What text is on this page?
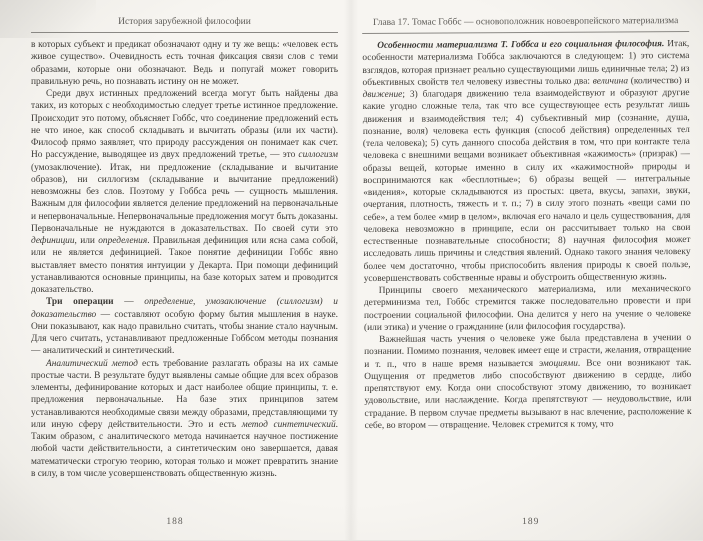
История зарубежной философии

в которых субъект и предикат обозначают одну и ту же вещь: «человек есть живое существо». Очевидность есть точная фиксация связи слов с теми образами, которые они обозначают. Ведь и попугай может говорить правильную речь, но познавать истину он не может.

Среди двух истинных предложений всегда могут быть найдены два таких, из которых с необходимостью следует третье истинное предложение. Происходит это потому, объясняет Гоббс, что соединение предложений есть не что иное, как способ складывать и вычитать образы (или их части). Философ прямо заявляет, что природу рассуждения он понимает как счет. Но рассуждение, выводящее из двух предложений третье, — это силлогизм (умозаключение). Итак, ни предложение (складывание и вычитание образов), ни силлогизм (складывание и вычитание предложений) невозможны без слов. Поэтому у Гоббса речь — сущность мышления. Важным для философии является деление предложений на первоначальные и непервоначальные. Непервоначальные предложения могут быть доказаны. Первоначальные не нуждаются в доказательствах. По своей сути это дефиниции, или определения. Правильная дефиниция или ясна сама собой, или не является дефиницией. Такое понятие дефиниции Гоббс явно выставляет вместо понятия интуиции у Декарта. При помощи дефиниций устанавливаются основные принципы, на базе которых затем и проводится доказательство.

Три операции — определение, умозаключение (силлогизм) и доказательство — составляют особую форму бытия мышления в науке. Они показывают, как надо правильно считать, чтобы знание стало научным. Для чего считать, устанавливают предложенные Гоббсом методы познания — аналитический и синтетический.

Аналитический метод есть требование разлагать образы на их самые простые части. В результате будут выявлены самые общие для всех образов элементы, дефинирование которых и даст наиболее общие принципы, т. е. предложения первоначальные. На базе этих принципов затем устанавливаются необходимые связи между образами, представляющими ту или иную сферу действительности. Это и есть метод синтетический. Таким образом, с аналитического метода начинается научное постижение любой части действительности, а синтетическим оно завершается, давая математически строгую теорию, которая только и может превратить знание в силу, в том числе усовершенствовать общественную жизнь.

188
Глава 17. Томас Гоббс — основоположник новоевропейского материализма

Особенности материализма Т. Гоббса и его социальная философия. Итак, особенности материализма Гоббса заключаются в следующем: 1) это система взглядов, которая признает реально существующими лишь единичные тела; 2) из объективных свойств тел человеку известны только два: величина (количество) и движение; 3) благодаря движению тела взаимодействуют и образуют другие какие угодно сложные тела, так что все существующее есть результат лишь движения и взаимодействия тел; 4) субъективный мир (сознание, душа, познание, воля) человека есть функция (способ действия) определенных тел (тела человека); 5) суть данного способа действия в том, что при контакте тела человека с внешними вещами возникает объективная «кажимость» (призрак) — образы вещей, которые именно в силу их «кажимостной» природы и воспринимаются как «бесплотные»; 6) образы вещей — интегральные «видения», которые складываются из простых: цвета, вкусы, запахи, звуки, очертания, плотность, тяжесть и т. п.; 7) в силу этого познать «вещи сами по себе», а тем более «мир в целом», включая его начало и цель существования, для человека невозможно в принципе, если он рассчитывает только на свои естественные познавательные способности; 8) научная философия может исследовать лишь причины и следствия явлений. Однако такого знания человеку более чем достаточно, чтобы приспособить явления природы к своей пользе, усовершенствовать собственные нравы и обустроить общественную жизнь.

Принципы своего механического материализма, или механического детерминизма тел, Гоббс стремится также последовательно провести и при построении социальной философии. Она делится у него на учение о человеке (или этика) и учение о гражданине (или философия государства).

Важнейшая часть учения о человеке уже была представлена в учении о познании. Помимо познания, человек имеет еще и страсти, желания, отвращение и т. п., что в наше время называется эмоциями. Все они возникают так. Ощущения от предметов либо способствуют движению в сердце, либо препятствуют ему. Когда они способствуют этому движению, то возникает удовольствие, или наслаждение. Когда препятствуют — неудовольствие, или страдание. В первом случае предметы вызывают в нас влечение, расположение к себе, во втором — отвращение. Человек стремится к тому, что

189
